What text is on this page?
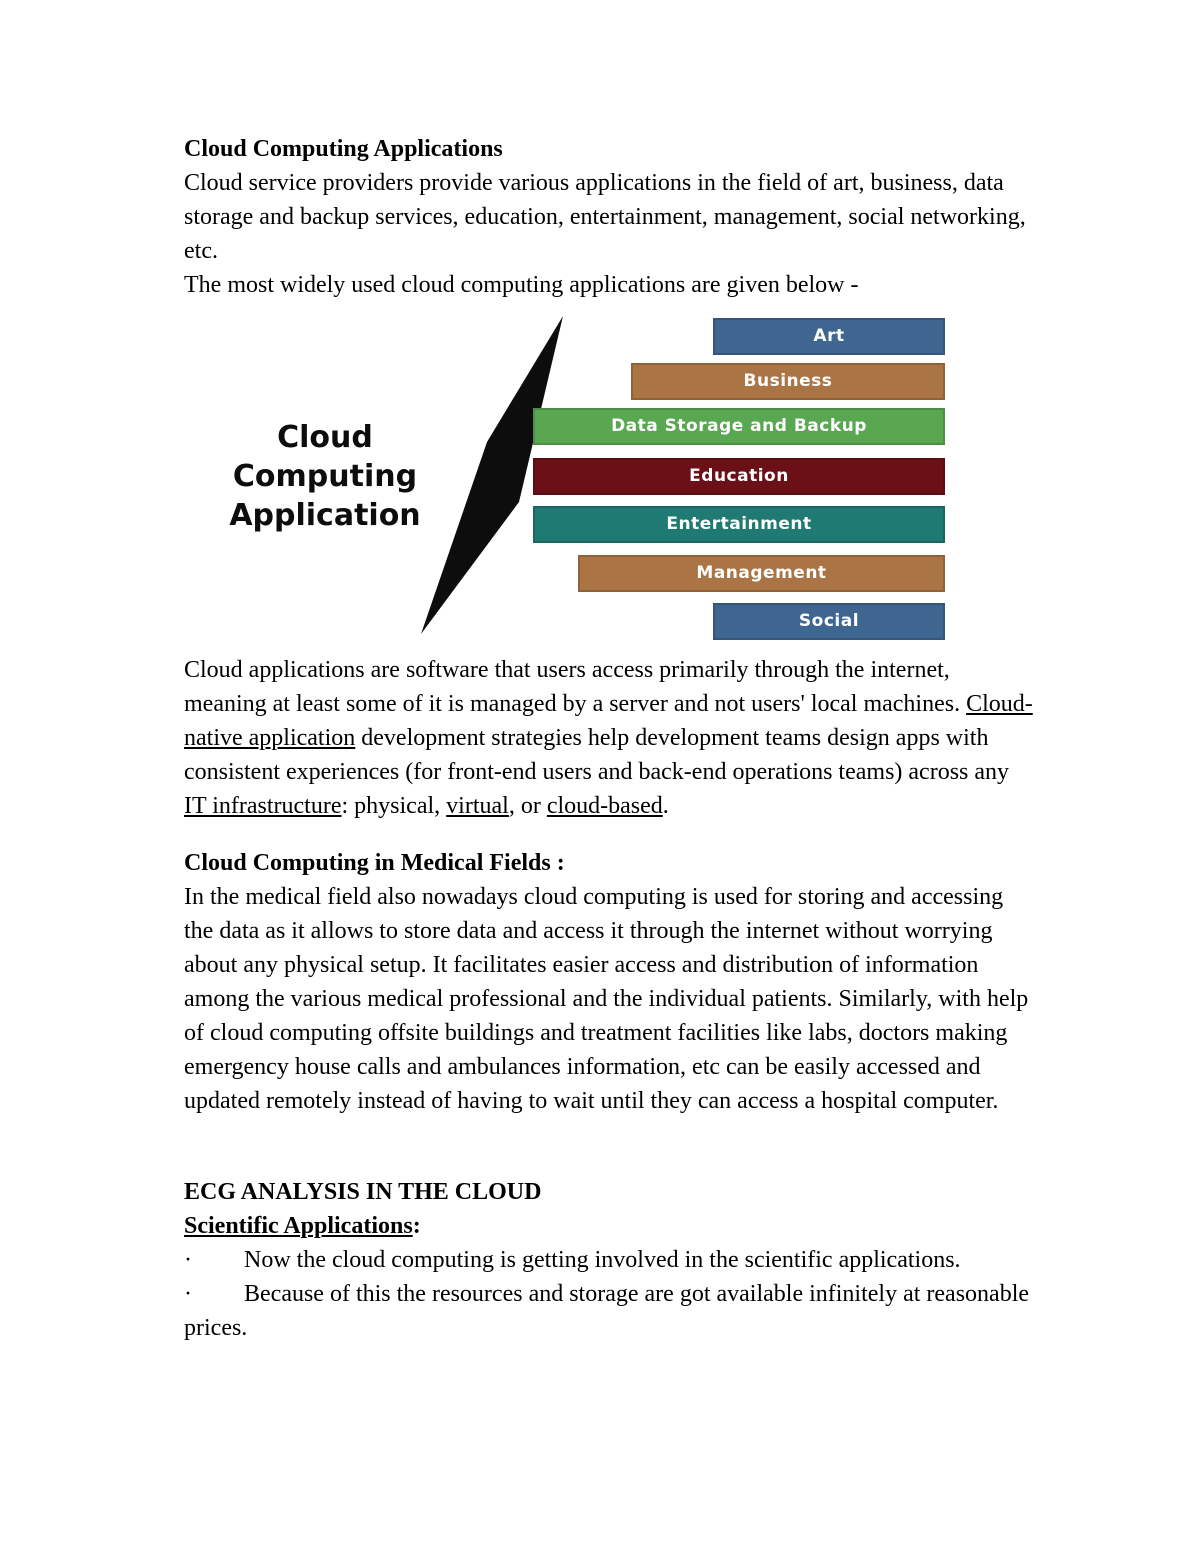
Cloud Computing Applications

Cloud service providers provide various applications in the field of art, business, data storage and backup services, education, entertainment, management, social networking, etc.

The most widely used cloud computing applications are given below -

Cloud
Computing
Application
Art
Business
Data Storage and Backup
Education
Entertainment
Management
Social

Cloud applications are software that users access primarily through the internet, meaning at least some of it is managed by a server and not users' local machines. Cloud-native application development strategies help development teams design apps with consistent experiences (for front-end users and back-end operations teams) across any IT infrastructure: physical, virtual, or cloud-based.

Cloud Computing in Medical Fields :

In the medical field also nowadays cloud computing is used for storing and accessing the data as it allows to store data and access it through the internet without worrying about any physical setup. It facilitates easier access and distribution of information among the various medical professional and the individual patients. Similarly, with help of cloud computing offsite buildings and treatment facilities like labs, doctors making emergency house calls and ambulances information, etc can be easily accessed and updated remotely instead of having to wait until they can access a hospital computer.

ECG ANALYSIS IN THE CLOUD
Scientific Applications:
· Now the cloud computing is getting involved in the scientific applications.
· Because of this the resources and storage are got available infinitely at reasonable prices.
